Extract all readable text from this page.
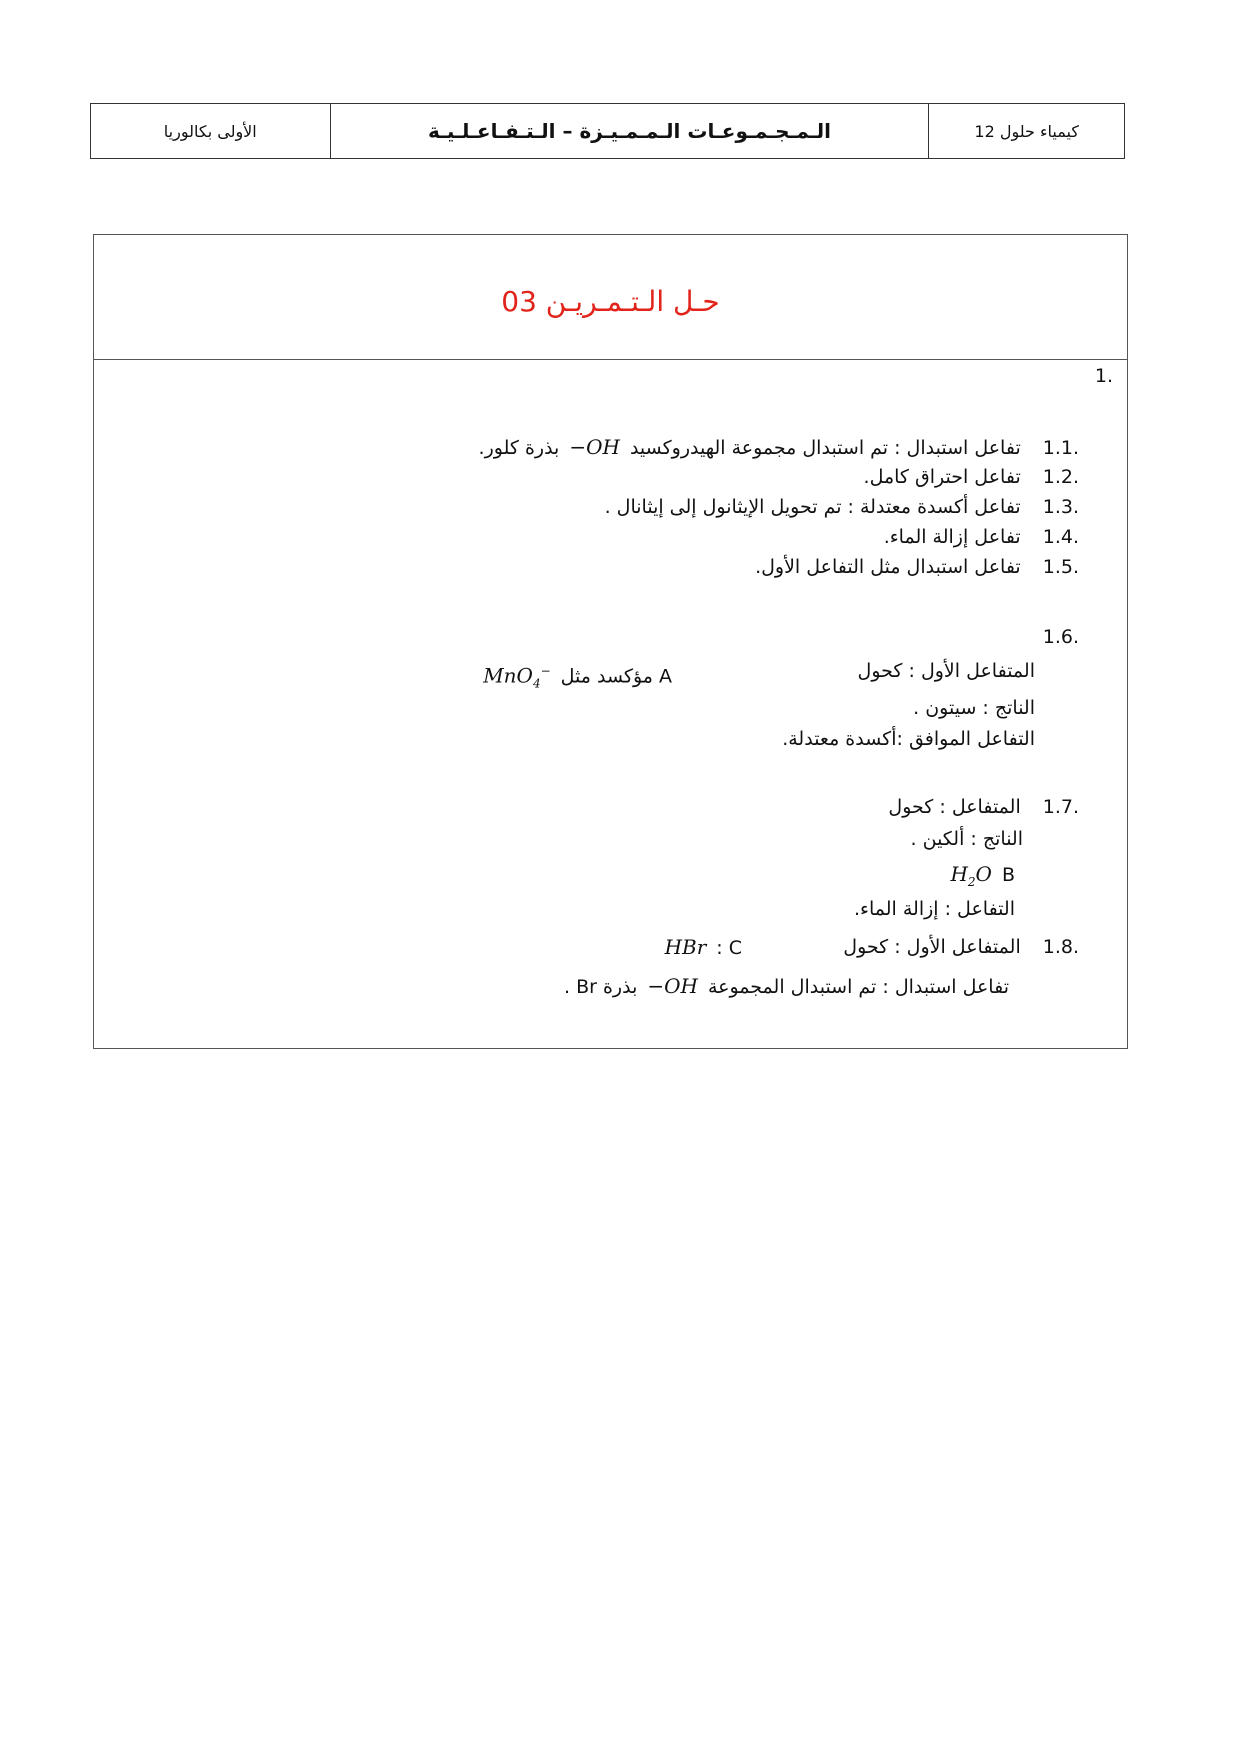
الأولى بكالوريا	الـمـجـمـوعـات الـمـمـيـزة – الـتـفـاعـلـيـة	كيمياء حلول 12
حـل الـتـمـريـن 03
.1
.1.1تفاعل استبدال : تم استبدال مجموعة الهيدروكسيد−OHبذرة كلور.
.1.2تفاعل احتراق كامل.
.1.3تفاعل أكسدة معتدلة : تم تحويل الإيثانول إلى إيثانال .
.1.4تفاعل إزالة الماء.
.1.5تفاعل استبدال مثل التفاعل الأول.
.1.6
المتفاعل الأول : كحول
A مؤكسد مثلMnO$_4$−
الناتج : سيتون .
التفاعل الموافق :أكسدة معتدلة.
.1.7المتفاعل : كحول
الناتج : ألكين .
$BH_2O$
التفاعل : إزالة الماء.
.1.8المتفاعل الأول : كحول
C :HBr
تفاعل استبدال : تم استبدال المجموعة−OHبذرة Br .
